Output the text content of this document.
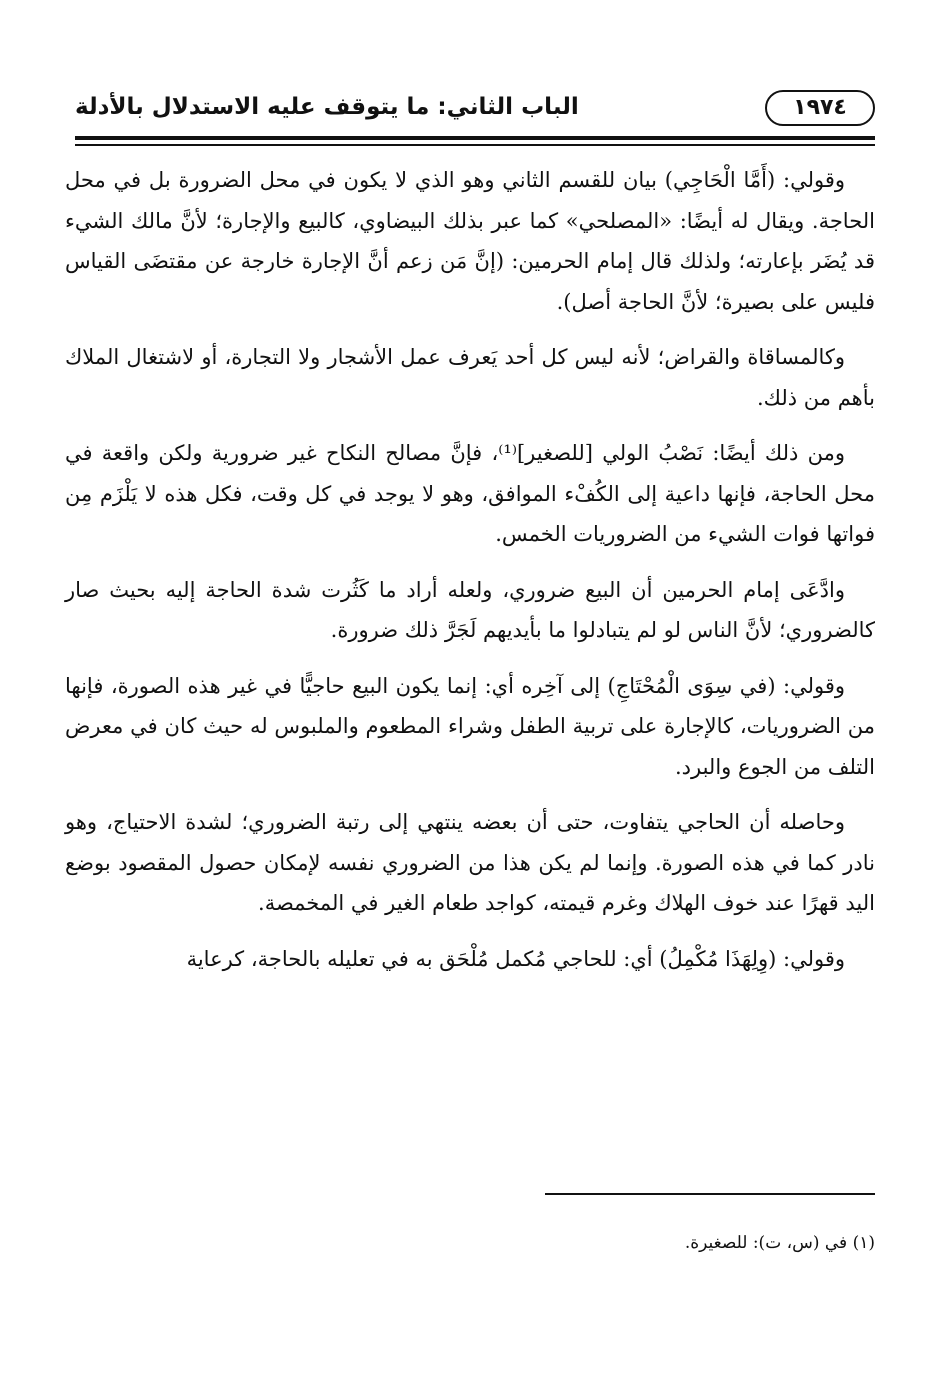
١٩٧٤
الباب الثاني: ما يتوقف عليه الاستدلال بالأدلة

وقولي: (أَمَّا الْحَاجِي) بيان للقسم الثاني وهو الذي لا يكون في محل الضرورة بل في محل الحاجة. ويقال له أيضًا: «المصلحي» كما عبر بذلك البيضاوي، كالبيع والإجارة؛ لأنَّ مالك الشيء قد يُضَر بإعارته؛ ولذلك قال إمام الحرمين: (إنَّ مَن زعم أنَّ الإجارة خارجة عن مقتضَى القياس فليس على بصيرة؛ لأنَّ الحاجة أصل).

وكالمساقاة والقراض؛ لأنه ليس كل أحد يَعرف عمل الأشجار ولا التجارة، أو لاشتغال الملاك بأهم من ذلك.

ومن ذلك أيضًا: نَصْبُ الولي [للصغير]⁽¹⁾، فإنَّ مصالح النكاح غير ضرورية ولكن واقعة في محل الحاجة، فإنها داعية إلى الكُفْء الموافق، وهو لا يوجد في كل وقت، فكل هذه لا يَلْزَم مِن فواتها فوات الشيء من الضروريات الخمس.

وادَّعَى إمام الحرمين أن البيع ضروري، ولعله أراد ما كَثُرت شدة الحاجة إليه بحيث صار كالضروري؛ لأنَّ الناس لو لم يتبادلوا ما بأيديهم لَجَرَّ ذلك ضرورة.

وقولي: (في سِوَى الْمُحْتَاجِ) إلى آخِره أي: إنما يكون البيع حاجيًّا في غير هذه الصورة، فإنها من الضروريات، كالإجارة على تربية الطفل وشراء المطعوم والملبوس له حيث كان في معرض التلف من الجوع والبرد.

وحاصله أن الحاجي يتفاوت، حتى أن بعضه ينتهي إلى رتبة الضروري؛ لشدة الاحتياج، وهو نادر كما في هذه الصورة. وإنما لم يكن هذا من الضروري نفسه لإمكان حصول المقصود بوضع اليد قهرًا عند خوف الهلاك وغرم قيمته، كواجد طعام الغير في المخمصة.

وقولي: (وِلِهَذَا مُكْمِلُ) أي: للحاجي مُكمل مُلْحَق به في تعليله بالحاجة، كرعاية

(١) في (س، ت): للصغيرة.
